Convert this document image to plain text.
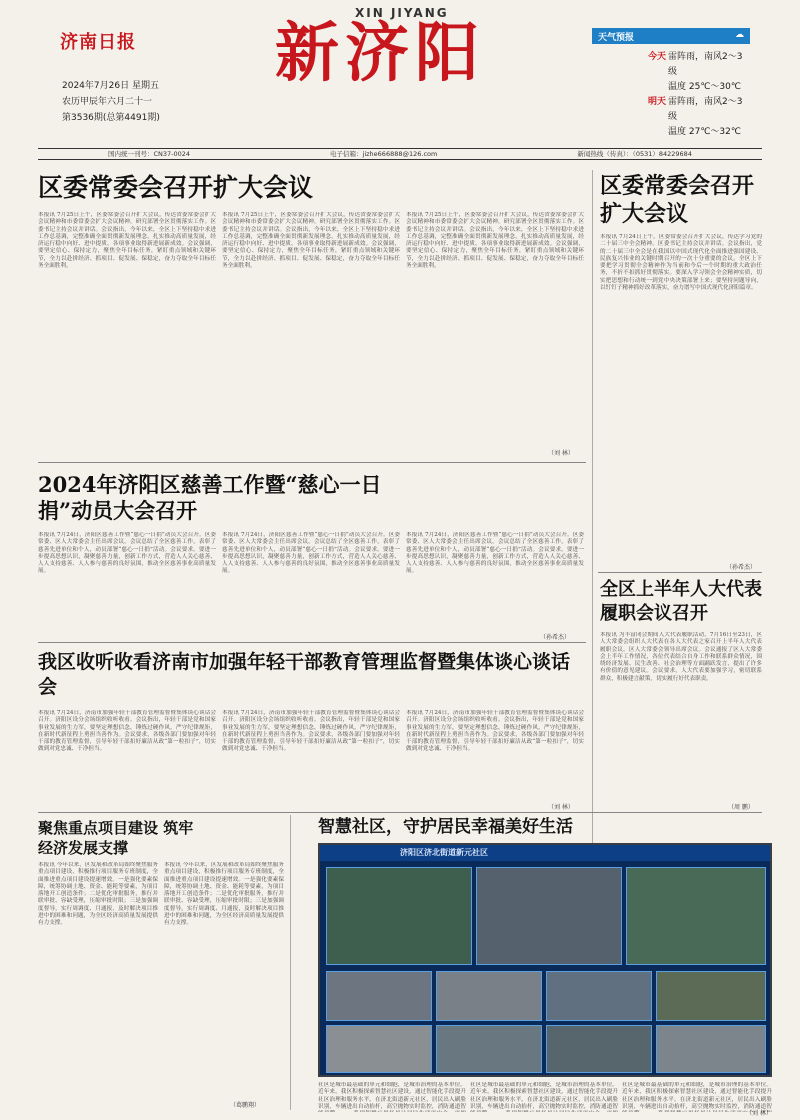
济南日报
XIN JIYANG
新济阳
2024年7月26日 星期五
农历甲辰年六月二十一
第3536期(总第4491期)
天气预报	☁
今天 雷阵雨，南风2～3级
温度 25℃～30℃
明天 雷阵雨，南风2～3级
温度 27℃～32℃
国内统一刊号：CN37-0024	电子信箱：jizhe666888@126.com	新闻热线（传真）：（0531）84229684
区委常委会召开扩大会议
本报讯 7月25日上午，区委常委会召开扩大会议，传达省委常委会扩大会议精神和市委常委会扩大会议精神，研究部署全区贯彻落实工作。区委书记主持会议并讲话。会议指出，今年以来，全区上下坚持稳中求进工作总基调，完整准确全面贯彻新发展理念，扎实推动高质量发展，经济运行稳中向好、进中提质，各项事业取得新进展新成效。会议强调，要坚定信心、保持定力，聚焦全年目标任务，紧盯重点领域和关键环节，全力以赴拼经济、抓项目、促发展、保稳定，奋力夺取全年目标任务全面胜利。
本报讯 7月25日上午，区委常委会召开扩大会议，传达省委常委会扩大会议精神和市委常委会扩大会议精神，研究部署全区贯彻落实工作。区委书记主持会议并讲话。会议指出，今年以来，全区上下坚持稳中求进工作总基调，完整准确全面贯彻新发展理念，扎实推动高质量发展，经济运行稳中向好、进中提质，各项事业取得新进展新成效。会议强调，要坚定信心、保持定力，聚焦全年目标任务，紧盯重点领域和关键环节，全力以赴拼经济、抓项目、促发展、保稳定，奋力夺取全年目标任务全面胜利。
本报讯 7月25日上午，区委常委会召开扩大会议，传达省委常委会扩大会议精神和市委常委会扩大会议精神，研究部署全区贯彻落实工作。区委书记主持会议并讲话。会议指出，今年以来，全区上下坚持稳中求进工作总基调，完整准确全面贯彻新发展理念，扎实推动高质量发展，经济运行稳中向好、进中提质，各项事业取得新进展新成效。会议强调，要坚定信心、保持定力，聚焦全年目标任务，紧盯重点领域和关键环节，全力以赴拼经济、抓项目、促发展、保稳定，奋力夺取全年目标任务全面胜利。
（刘 林）
2024年济阳区慈善工作暨“慈心一日捐”动员大会召开
本报讯 7月24日，济阳区慈善工作暨“慈心一日捐”动员大会召开。区委常委、区人大常委会主任出席会议。会议总结了全区慈善工作，表彰了慈善先进单位和个人，动员部署“慈心一日捐”活动。会议要求，要进一步提高思想认识，凝聚慈善力量，创新工作方式，营造人人关心慈善、人人支持慈善、人人参与慈善的良好氛围，推动全区慈善事业高质量发展。
本报讯 7月24日，济阳区慈善工作暨“慈心一日捐”动员大会召开。区委常委、区人大常委会主任出席会议。会议总结了全区慈善工作，表彰了慈善先进单位和个人，动员部署“慈心一日捐”活动。会议要求，要进一步提高思想认识，凝聚慈善力量，创新工作方式，营造人人关心慈善、人人支持慈善、人人参与慈善的良好氛围，推动全区慈善事业高质量发展。
本报讯 7月24日，济阳区慈善工作暨“慈心一日捐”动员大会召开。区委常委、区人大常委会主任出席会议。会议总结了全区慈善工作，表彰了慈善先进单位和个人，动员部署“慈心一日捐”活动。会议要求，要进一步提高思想认识，凝聚慈善力量，创新工作方式，营造人人关心慈善、人人支持慈善、人人参与慈善的良好氛围，推动全区慈善事业高质量发展。
（孙希杰）
我区收听收看济南市加强年轻干部教育管理监督暨集体谈心谈话会
本报讯 7月24日，济南市加强年轻干部教育管理监督暨集体谈心谈话会召开。济阳区设分会场组织收听收看。会议指出，年轻干部是党和国家事业发展的生力军，要坚定理想信念，锤炼过硬作风，严守纪律规矩，在新时代新征程上勇担当善作为。会议要求，各级各部门要加强对年轻干部的教育管理监督，引导年轻干部扣好廉洁从政“第一粒扣子”，切实做到对党忠诚、干净担当。
本报讯 7月24日，济南市加强年轻干部教育管理监督暨集体谈心谈话会召开。济阳区设分会场组织收听收看。会议指出，年轻干部是党和国家事业发展的生力军，要坚定理想信念，锤炼过硬作风，严守纪律规矩，在新时代新征程上勇担当善作为。会议要求，各级各部门要加强对年轻干部的教育管理监督，引导年轻干部扣好廉洁从政“第一粒扣子”，切实做到对党忠诚、干净担当。
本报讯 7月24日，济南市加强年轻干部教育管理监督暨集体谈心谈话会召开。济阳区设分会场组织收听收看。会议指出，年轻干部是党和国家事业发展的生力军，要坚定理想信念，锤炼过硬作风，严守纪律规矩，在新时代新征程上勇担当善作为。会议要求，各级各部门要加强对年轻干部的教育管理监督，引导年轻干部扣好廉洁从政“第一粒扣子”，切实做到对党忠诚、干净担当。
（刘 林）
区委常委会召开扩大会议
本报讯 7月24日上午，区委常委会召开扩大会议，传达学习党的二十届三中全会精神。区委书记主持会议并讲话。会议指出，党的二十届三中全会是在我国以中国式现代化全面推进强国建设、民族复兴伟业的关键时期召开的一次十分重要的会议。全区上下要把学习贯彻全会精神作为当前和今后一个时期的重大政治任务，不折不扣抓好贯彻落实。要深入学习领会全会精神实质，切实把思想和行动统一到党中央决策部署上来；要坚持问题导向，以钉钉子精神抓好改革落实，奋力谱写中国式现代化济阳篇章。
（孙希杰）
全区上半年人大代表履职会议召开
本报讯 为丰富闭会期间人大代表履职活动，7月16日至23日，区人大常委会组织人大代表在各人大代表之家召开上半年人大代表履职会议。区人大常委会领导出席会议。会议通报了区人大常委会上半年工作情况，各位代表结合自身工作和联系群众情况，围绕经济发展、民生改善、社会治理等方面踊跃发言，提出了许多有价值的意见建议。会议要求，人大代表要加强学习，密切联系群众，积极建言献策，切实履行好代表职责。
（周 鹏）
聚焦重点项目建设 筑牢经济发展支撑
本报讯 今年以来，区发展和改革局始终聚焦服务重点项目建设，积极推行项目服务专班制度，全面推进重点项目建设提速增效。一是强化要素保障，统筹协调土地、资金、能耗等要素，为项目落地开工创造条件；二是优化审批服务，推行并联审批、容缺受理，压缩审批时限；三是加强调度督导，实行周调度、月通报，及时解决项目推进中的困难和问题，为全区经济高质量发展提供有力支撑。
本报讯 今年以来，区发展和改革局始终聚焦服务重点项目建设，积极推行项目服务专班制度，全面推进重点项目建设提速增效。一是强化要素保障，统筹协调土地、资金、能耗等要素，为项目落地开工创造条件；二是优化审批服务，推行并联审批、容缺受理，压缩审批时限；三是加强调度督导，实行周调度、月通报，及时解决项目推进中的困难和问题，为全区经济高质量发展提供有力支撑。
（葛鹏翔）
智慧社区，守护居民幸福美好生活
济阳区济北街道新元社区
社区是城市最基础的单元和细胞，是城市治理的基本单位。近年来，我区积极探索智慧社区建设，通过智能化手段提升社区治理和服务水平。在济北街道新元社区，居民出入刷脸识别，车辆进出自动抬杆，高空抛物实时监控，消防通道智
社区是城市最基础的单元和细胞，是城市治理的基本单位。近年来，我区积极探索智慧社区建设，通过智能化手段提升社区治理和服务水平。在济北街道新元社区，居民出入刷脸识别，车辆进出自动抬杆，高空抛物实时监控，消防通道智
社区是城市最基础的单元和细胞，是城市治理的基本单位。近年来，我区积极探索智慧社区建设，通过智能化手段提升社区治理和服务水平。在济北街道新元社区，居民出入刷脸识别，车辆进出自动抬杆，高空抛物实时监控，消防通道智
（刘 林）
